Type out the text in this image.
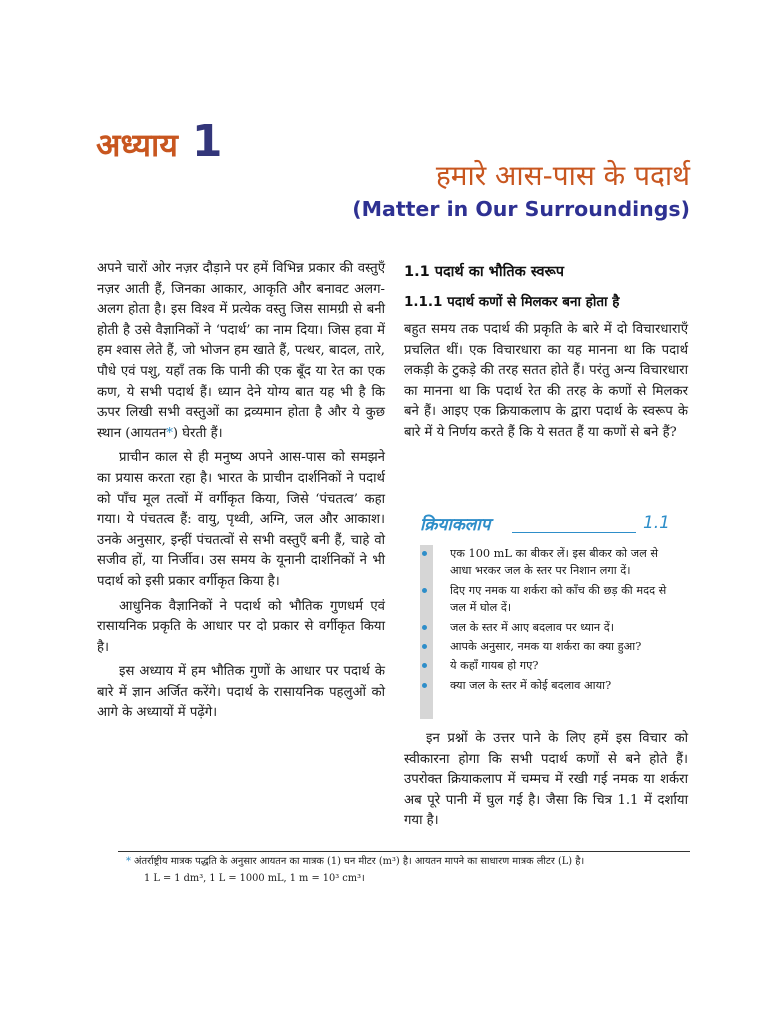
अध्याय 1
हमारे आस-पास के पदार्थ
(Matter in Our Surroundings)

अपने चारों ओर नज़र दौड़ाने पर हमें विभिन्न प्रकार की वस्तुएँ नज़र आती हैं, जिनका आकार, आकृति और बनावट अलग-अलग होता है। इस विश्व में प्रत्येक वस्तु जिस सामग्री से बनी होती है उसे वैज्ञानिकों ने ‘पदार्थ’ का नाम दिया। जिस हवा में हम श्वास लेते हैं, जो भोजन हम खाते हैं, पत्थर, बादल, तारे, पौधे एवं पशु, यहाँ तक कि पानी की एक बूँद या रेत का एक कण, ये सभी पदार्थ हैं। ध्यान देने योग्य बात यह भी है कि ऊपर लिखी सभी वस्तुओं का द्रव्यमान होता है और ये कुछ स्थान (आयतन*) घेरती हैं।

प्राचीन काल से ही मनुष्य अपने आस-पास को समझने का प्रयास करता रहा है। भारत के प्राचीन दार्शनिकों ने पदार्थ को पाँच मूल तत्वों में वर्गीकृत किया, जिसे ‘पंचतत्व’ कहा गया। ये पंचतत्व हैं: वायु, पृथ्वी, अग्नि, जल और आकाश। उनके अनुसार, इन्हीं पंचतत्वों से सभी वस्तुएँ बनी हैं, चाहे वो सजीव हों, या निर्जीव। उस समय के यूनानी दार्शनिकों ने भी पदार्थ को इसी प्रकार वर्गीकृत किया है।

आधुनिक वैज्ञानिकों ने पदार्थ को भौतिक गुणधर्म एवं रासायनिक प्रकृति के आधार पर दो प्रकार से वर्गीकृत किया है।

इस अध्याय में हम भौतिक गुणों के आधार पर पदार्थ के बारे में ज्ञान अर्जित करेंगे। पदार्थ के रासायनिक पहलुओं को आगे के अध्यायों में पढ़ेंगे।

1.1 पदार्थ का भौतिक स्वरूप
1.1.1 पदार्थ कणों से मिलकर बना होता है

बहुत समय तक पदार्थ की प्रकृति के बारे में दो विचारधाराएँ प्रचलित थीं। एक विचारधारा का यह मानना था कि पदार्थ लकड़ी के टुकड़े की तरह सतत होते हैं। परंतु अन्य विचारधारा का मानना था कि पदार्थ रेत की तरह के कणों से मिलकर बने हैं। आइए एक क्रियाकलाप के द्वारा पदार्थ के स्वरूप के बारे में ये निर्णय करते हैं कि ये सतत हैं या कणों से बने हैं?

क्रियाकलाप	1.1
एक 100 mL का बीकर लें। इस बीकर को जल से आधा भरकर जल के स्तर पर निशान लगा दें।
दिए गए नमक या शर्करा को काँच की छड़ की मदद से जल में घोल दें।
जल के स्तर में आए बदलाव पर ध्यान दें।
आपके अनुसार, नमक या शर्करा का क्या हुआ?
ये कहाँ गायब हो गए?
क्या जल के स्तर में कोई बदलाव आया?

इन प्रश्नों के उत्तर पाने के लिए हमें इस विचार को स्वीकारना होगा कि सभी पदार्थ कणों से बने होते हैं। उपरोक्त क्रियाकलाप में चम्मच में रखी गई नमक या शर्करा अब पूरे पानी में घुल गई है। जैसा कि चित्र 1.1 में दर्शाया गया है।

* अंतर्राष्ट्रीय मात्रक पद्धति के अनुसार आयतन का मात्रक (1) घन मीटर (m³) है। आयतन मापने का साधारण मात्रक लीटर (L) है।
1 L = 1 dm³, 1 L = 1000 mL, 1 m = 10³ cm³।
